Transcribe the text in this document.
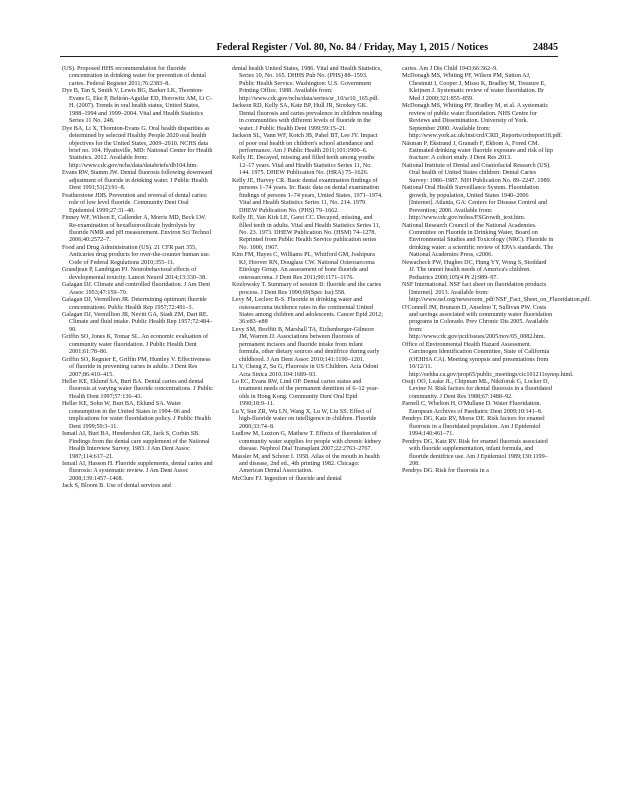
Federal Register / Vol. 80, No. 84 / Friday, May 1, 2015 / Notices	24845

(US). Proposed HHS recommendation for fluoride concentration in drinking water for prevention of dental caries. Federal Register 2011;76:2383–8.

Dye B, Tan S, Smith V, Lewis BG, Barker LK, Thornton-Evans G, Eke P, Beltrán-Aguilar ED, Horowitz AM, Li C-H. (2007). Trends in oral health status, United States, 1988–1994 and 1999–2004. Vital and Health Statistics Series 11 No. 248.

Dye BA, Li X, Thornton-Evans G. Oral health disparities as determined by selected Healthy People 2020 oral health objectives for the United States, 2009–2010. NCHS data brief no. 104. Hyattsville, MD: National Center for Health Statistics. 2012. Available from: http://www.cdc.gov/nchs/data/databriefs/db104.htm.

Evans RW, Stamm JW. Dental fluorosis following downward adjustment of fluoride in drinking water. J Public Health Dent 1991;51(2):91–8.

Featherstone JDB. Prevention and reversal of dental caries: role of low level fluoride. Community Dent Oral Epidemiol 1999;27:31–40.

Finney WF, Wilson E, Callender A, Morris MD, Beck LW. Re-examination of hexafluorosilicate hydrolysis by fluoride NMR and pH measurement. Environ Sci Technol 2006;40:2572–7.

Food and Drug Administration (US). 21 CFR part 355, Anticaries drug products for over-the-counter human use. Code of Federal Regulations 2010;355–11.

Grandjean P, Landrigan PJ. Neurobehavioral effects of developmental toxicity. Lancet Neurol 2014;13:330–38.

Galagan DJ. Climate and controlled fluoridation. J Am Dent Assoc 1953;47:159–70.

Galagan DJ, Vermillion JR. Determining optimum fluoride concentrations. Public Health Rep 1957;72:491–3.

Galagan DJ, Vermillion JR, Nevitt GA, Stadt ZM, Dart RE. Climate and fluid intake. Public Health Rep 1957;72:484–90.

Griffin SO, Jones K, Tomar SL. An economic evaluation of community water fluoridation. J Public Health Dent 2001;61:78–86.

Griffin SO, Regnier E, Griffin PM, Huntley V. Effectiveness of fluoride in preventing caries in adults. J Dent Res 2007;86:410–415.

Heller KE, Eklund SA, Burt BA. Dental caries and dental fluorosis at varying water fluoride concentrations. J Public Health Dent 1997;57:136–43.

Heller KE, Sohn W, Burt BA, Eklund SA. Water consumption in the United States in 1994–96 and implications for water fluoridation policy. J Public Health Dent 1999;59:3–11.

Ismail AI, Burt BA, Hendershot GE, Jack S, Corbin SB. Findings from the dental care supplement of the National Health Interview Survey, 1983. J Am Dent Assoc 1987;114:617–21.

Ismail AI, Hasson H. Fluoride supplements, dental caries and fluorosis: A systematic review. J Am Dent Assoc 2008;139:1457–1468.

Jack S, Bloom B. Use of dental services and

dental health United States, 1986. Vital and Health Statistics, Series 10, No. 165. DHHS Pub No. (PHS) 88–1593. Public Health Service. Washington: U.S. Government Printing Office. 1988. Available from: http://www.cdc.gov/nchs/data/series/sr_10/sr10_165.pdf.

Jackson RD, Kelly SA, Katz BP, Hull JR, Stookey GK. Dental fluorosis and caries prevalence in children residing in communities with different levels of fluoride in the water. J Public Health Dent 1999;59:15–21.

Jackson SL, Vann WF, Kotch JB, Pahel BT, Lee JY. Impact of poor oral health on children's school attendance and performance. Am J Public Health 2011;101:1900–6.

Kelly JE. Decayed, missing and filled teeth among youths 12–17 years. Vital and Health Statistics Series 11, No. 144. 1975. DHEW Publication No. (HRA) 75–1626.

Kelly JE, Harvey CR. Basic dental examination findings of persons 1–74 years. In: Basic data on dental examination findings of persons 1–74 years, United States, 1971–1974. Vital and Health Statistics Series 11, No. 214. 1979. DHEW Publication No. (PHS) 79–1662.

Kelly JE, Van Kirk LE, Garst CC. Decayed, missing, and filled teeth in adults. Vital and Health Statistics Series 11, No. 23. 1973. DHEW Publication No. (HSM) 74–1278. Reprinted from Public Health Service publication series No. 1000, 1967.

Kim FM, Hayes C, Williams PL, Whitford GM, Joshipura KJ, Hoover RN, Douglass CW. National Osteosarcoma Etiology Group. An assessment of bone fluoride and osteosarcoma. J Dent Res 2011;90:1171–1176.

Kozlowsky T. Summary of session II: fluoride and the caries process. J Dent Res 1990;69(Spec Iss):558.

Levy M, Leclerc B-S. Fluoride in drinking water and osteosarcoma incidence rates in the continental United States among children and adolescents. Cancer Epid 2012; 36:e83–e88

Levy SM, Broffitt B, Marshall TA, Eichenberger-Gilmore JM, Warren JJ. Associations between fluorosis of permanent incisors and fluoride intake from infant formula, other dietary sources and dentifrice during early childhood. J Am Dent Assoc 2010;141:1190–1201.

Li Y, Cheng Z, Su G, Fluorosis in US Children. Acta Odont Acta Sinica 2010.104:1689–93.

Lo EC, Evans RW, Lind OP. Dental caries status and treatment needs of the permanent dentition of 6–12 year-olds in Hong Kong. Community Dent Oral Epid 1990;18:9–11.

Lu Y, Sun ZR, Wu LN, Wang X, Lu W, Liu SS. Effect of high-fluoride water on intelligence in children. Fluoride 2000;33:74–8.

Ludlow M, Luxton G, Mathew T. Effects of fluoridation of community water supplies for people with chronic kidney disease. Nephrol Dial Transplant 2007;22:2763–2767.

Massler M, and Schour I. 1958. Atlas of the mouth in health and disease, 2nd ed., 4th printing 1982. Chicago: American Dental Association.

McClure FJ. Ingestion of fluoride and dental

caries. Am J Dis Child 1943;66:362–9.

McDonagh MS, Whiting PF, Wilson PM, Sutton AJ, Chestnutt I, Cooper J, Misso K, Bradley M, Treasure E, Kleijnen J. Systematic review of water fluoridation. Br Med J 2000;321:855–859.

McDonagh MS, Whiting PF, Bradley M, et al. A systematic review of public water fluoridation. NHS Centre for Reviews and Dissemination. University of York. September 2000. Available from: http://www.york.ac.uk/inst/crd/CRD_Reports/crdreport18.pdf.

Näsman P, Ekstrand J, Granath F, Ekbom A, Fored CM. Estimated drinking water fluoride exposure and risk of hip fracture: A cohort study. J Dent Res 2013.

National Institute of Dental and Craniofacial Research (US). Oral health of United States children: Dental Caries Survey: 1986–1987. NIH Publication No. 89–2247. 1989.

National Oral Health Surveillance System. Fluoridation growth, by population, United States 1940–2006 [Internet]. Atlanta, GA: Centers for Disease Control and Prevention; 2006. Available from: http://www.cdc.gov/nohss/FSGrowth_text.htm.

National Research Council of the National Academies. Committee on Fluoride in Drinking Water, Board on Environmental Studies and Toxicology (NRC). Fluoride in drinking water: a scientific review of EPA's standards. The National Academies Press, c2006.

Newacheck PW, Hughes DC, Hung YY, Wong S, Stoddard JJ. The unmet health needs of America's children. Pediatrics 2000;105(4 Pt 2):989–97.

NSF International. NSF fact sheet on fluoridation products [Internet]. 2013. Available from: http://www.nsf.org/newsroom_pdf/NSF_Fact_Sheet_on_Fluoridation.pdf.

O'Connell JM, Brunson D, Anselmo T, Sullivan PW. Costs and savings associated with community water fluoridation programs in Colorado. Prev Chronic Dis 2005. Available from: http://www.cdc.gov/pcd/issues/2005/nov/05_0082.htm.

Office of Environmental Health Hazard Assessment. Carcinogen Identification Committee, State of California (OEHHA CA). Meeting synopsis and presentations from 10/12/11. http://oehha.ca.gov/prop65/public_meetings/cic101211synop.html.

Osuji OO, Leake JL, Chipman ML, Nikiforuk G, Locker D, Levine N. Risk factors for dental fluorosis in a fluoridated community. J Dent Res 1988;67:1488–92.

Parnell C, Whelton H, O'Mullane D. Water Fluoridation. European Archives of Paediatric Dent 2009;10:141–8.

Pendrys DG, Katz RV, Morse DE. Risk factors for enamel fluorosis in a fluoridated population. Am J Epidemiol 1994;140:461–71.

Pendrys DG, Katz RV. Risk for enamel fluorosis associated with fluoride supplementation, infant formula, and fluoride dentifrice use. Am J Epidemiol 1989;130:1199–208.

Pendrys DG. Risk for fluorosis in a
